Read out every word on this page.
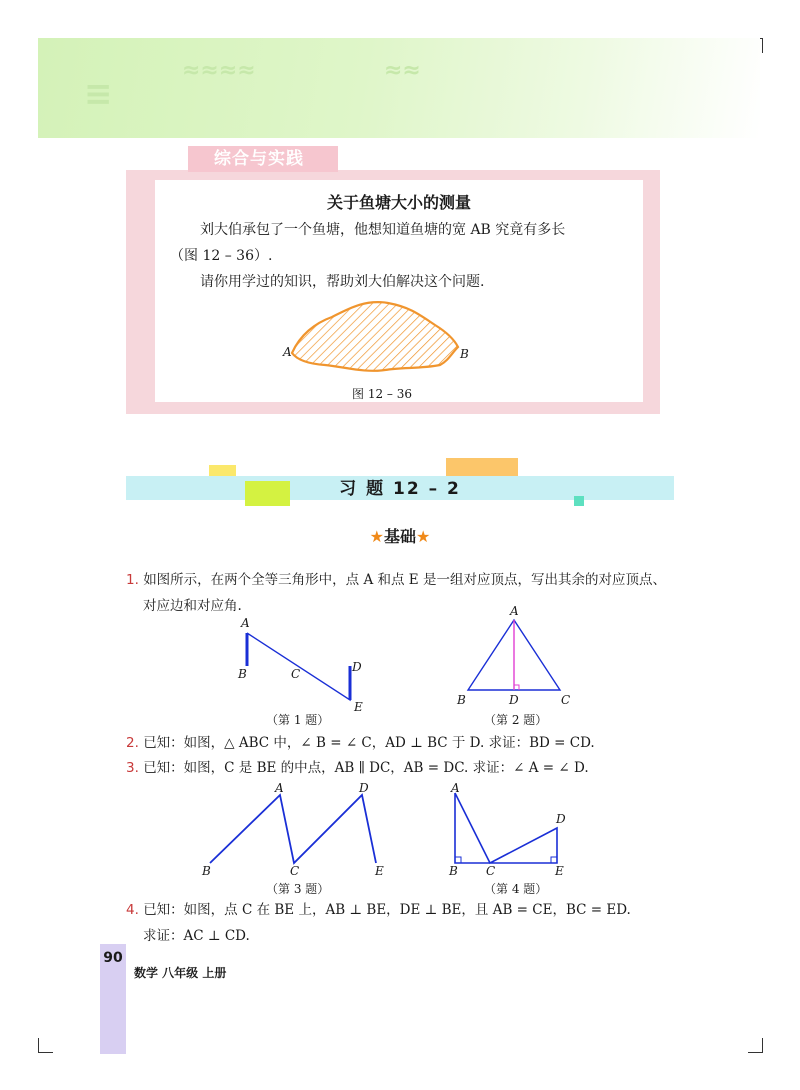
≡
≈≈≈≈	≈≈
综合与实践
关于鱼塘大小的测量
刘大伯承包了一个鱼塘，他想知道鱼塘的宽 AB 究竟有多长
（图 12 – 36）.
请你用学过的知识，帮助刘大伯解决这个问题.
A	B
图 12 – 36
习 题 12 – 2
★基础★
1. 如图所示，在两个全等三角形中，点 A 和点 E 是一组对应顶点，写出其余的对应顶点、
对应边和对应角.
A
B	C	D
E
（第 1 题）
A
B	D	C
（第 2 题）
2. 已知：如图，△ ABC 中，∠ B = ∠ C，AD ⊥ BC 于 D. 求证：BD = CD.
3. 已知：如图，C 是 BE 的中点，AB ∥ DC，AB = DC. 求证：∠ A = ∠ D.
A	D
B	C	E
（第 3 题）
A
D
B C	E
（第 4 题）
4. 已知：如图，点 C 在 BE 上，AB ⊥ BE，DE ⊥ BE，且 AB = CE，BC = ED.
求证：AC ⊥ CD.
90
数学 八年级 上册
